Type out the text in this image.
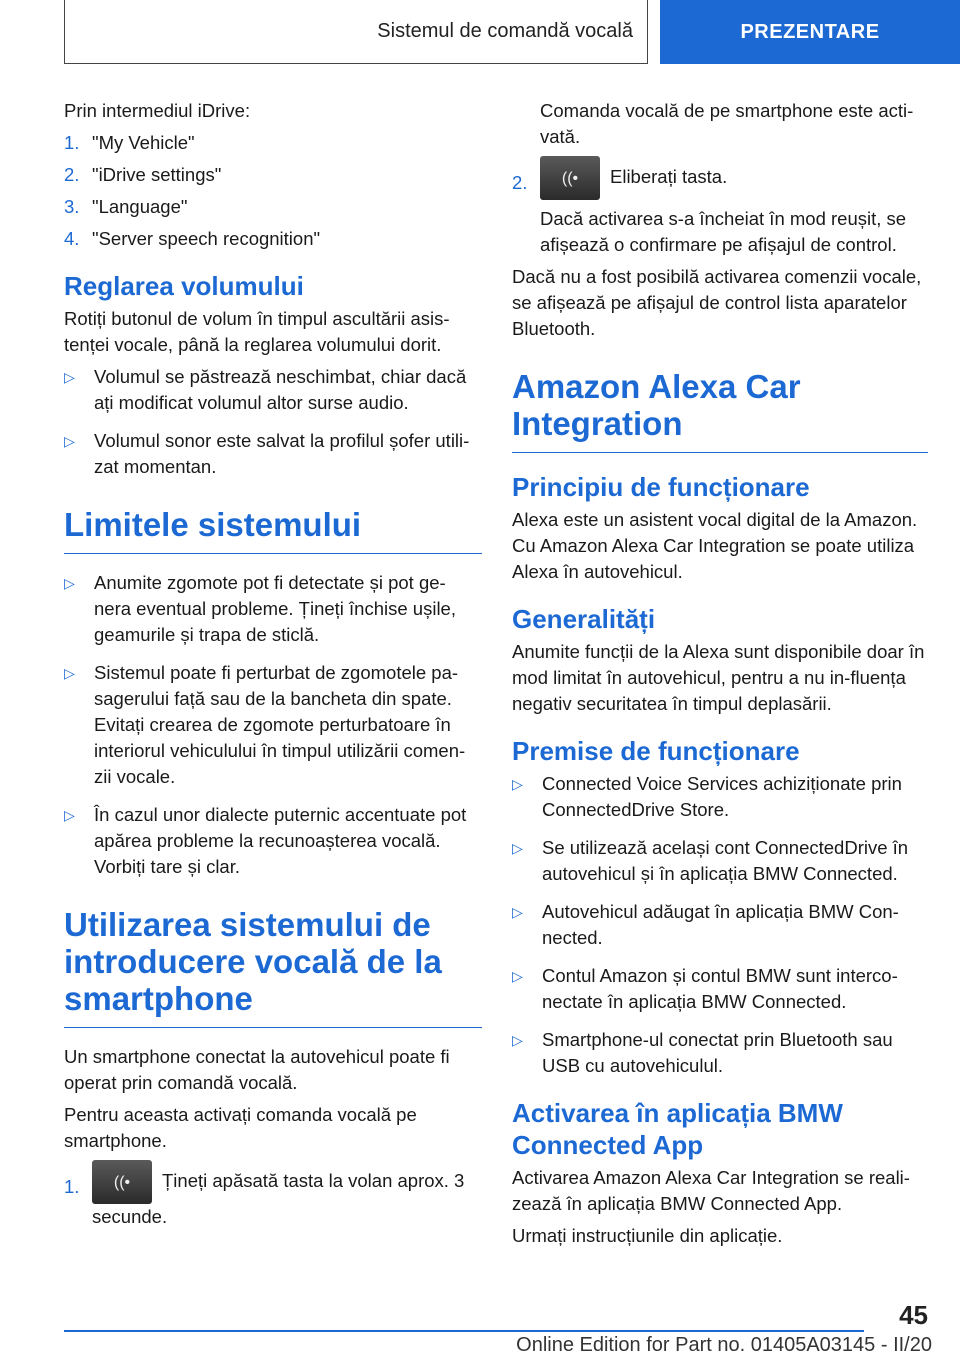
Sistemul de comandă vocală	PREZENTARE

Prin intermediul iDrive:

1. "My Vehicle"
2. "iDrive settings"
3. "Language"
4. "Server speech recognition"
Reglarea volumului

Rotiți butonul de volum în timpul ascultării asis-tenței vocale, până la reglarea volumului dorit.

▷	Volumul se păstrează neschimbat, chiar dacă ați modificat volumul altor surse audio.
▷	Volumul sonor este salvat la profilul șofer utili-zat momentan.
Limitele sistemului
▷	Anumite zgomote pot fi detectate și pot ge-nera eventual probleme. Țineți închise ușile, geamurile și trapa de sticlă.
▷	Sistemul poate fi perturbat de zgomotele pa-sagerului față sau de la bancheta din spate. Evitați crearea de zgomote perturbatoare în interiorul vehiculului în timpul utilizării comen-zii vocale.
▷	În cazul unor dialecte puternic accentuate pot apărea probleme la recunoașterea vocală. Vorbiți tare și clar.
Utilizarea sistemului de introducere vocală de la smartphone

Un smartphone conectat la autovehicul poate fi operat prin comandă vocală.

Pentru aceasta activați comanda vocală pe smartphone.

1.	((•	Țineți apăsată tasta la volan aprox. 3 secunde.

Comanda vocală de pe smartphone este acti-vată.

2.	((•	Eliberați tasta.

Dacă activarea s-a încheiat în mod reușit, se afișează o confirmare pe afișajul de control.

Dacă nu a fost posibilă activarea comenzii vocale, se afișează pe afișajul de control lista aparatelor Bluetooth.

Amazon Alexa Car Integration
Principiu de funcționare

Alexa este un asistent vocal digital de la Amazon. Cu Amazon Alexa Car Integration se poate utiliza Alexa în autovehicul.

Generalități

Anumite funcții de la Alexa sunt disponibile doar în mod limitat în autovehicul, pentru a nu in-fluența negativ securitatea în timpul deplasării.

Premise de funcționare
▷	Connected Voice Services achiziționate prin ConnectedDrive Store.
▷	Se utilizează același cont ConnectedDrive în autovehicul și în aplicația BMW Connected.
▷	Autovehicul adăugat în aplicația BMW Con-nected.
▷	Contul Amazon și contul BMW sunt interco-nectate în aplicația BMW Connected.
▷	Smartphone-ul conectat prin Bluetooth sau USB cu autovehiculul.
Activarea în aplicația BMW Connected App

Activarea Amazon Alexa Car Integration se reali-zează în aplicația BMW Connected App.

Urmați instrucțiunile din aplicație.

45
Online Edition for Part no. 01405A03145 - II/20
